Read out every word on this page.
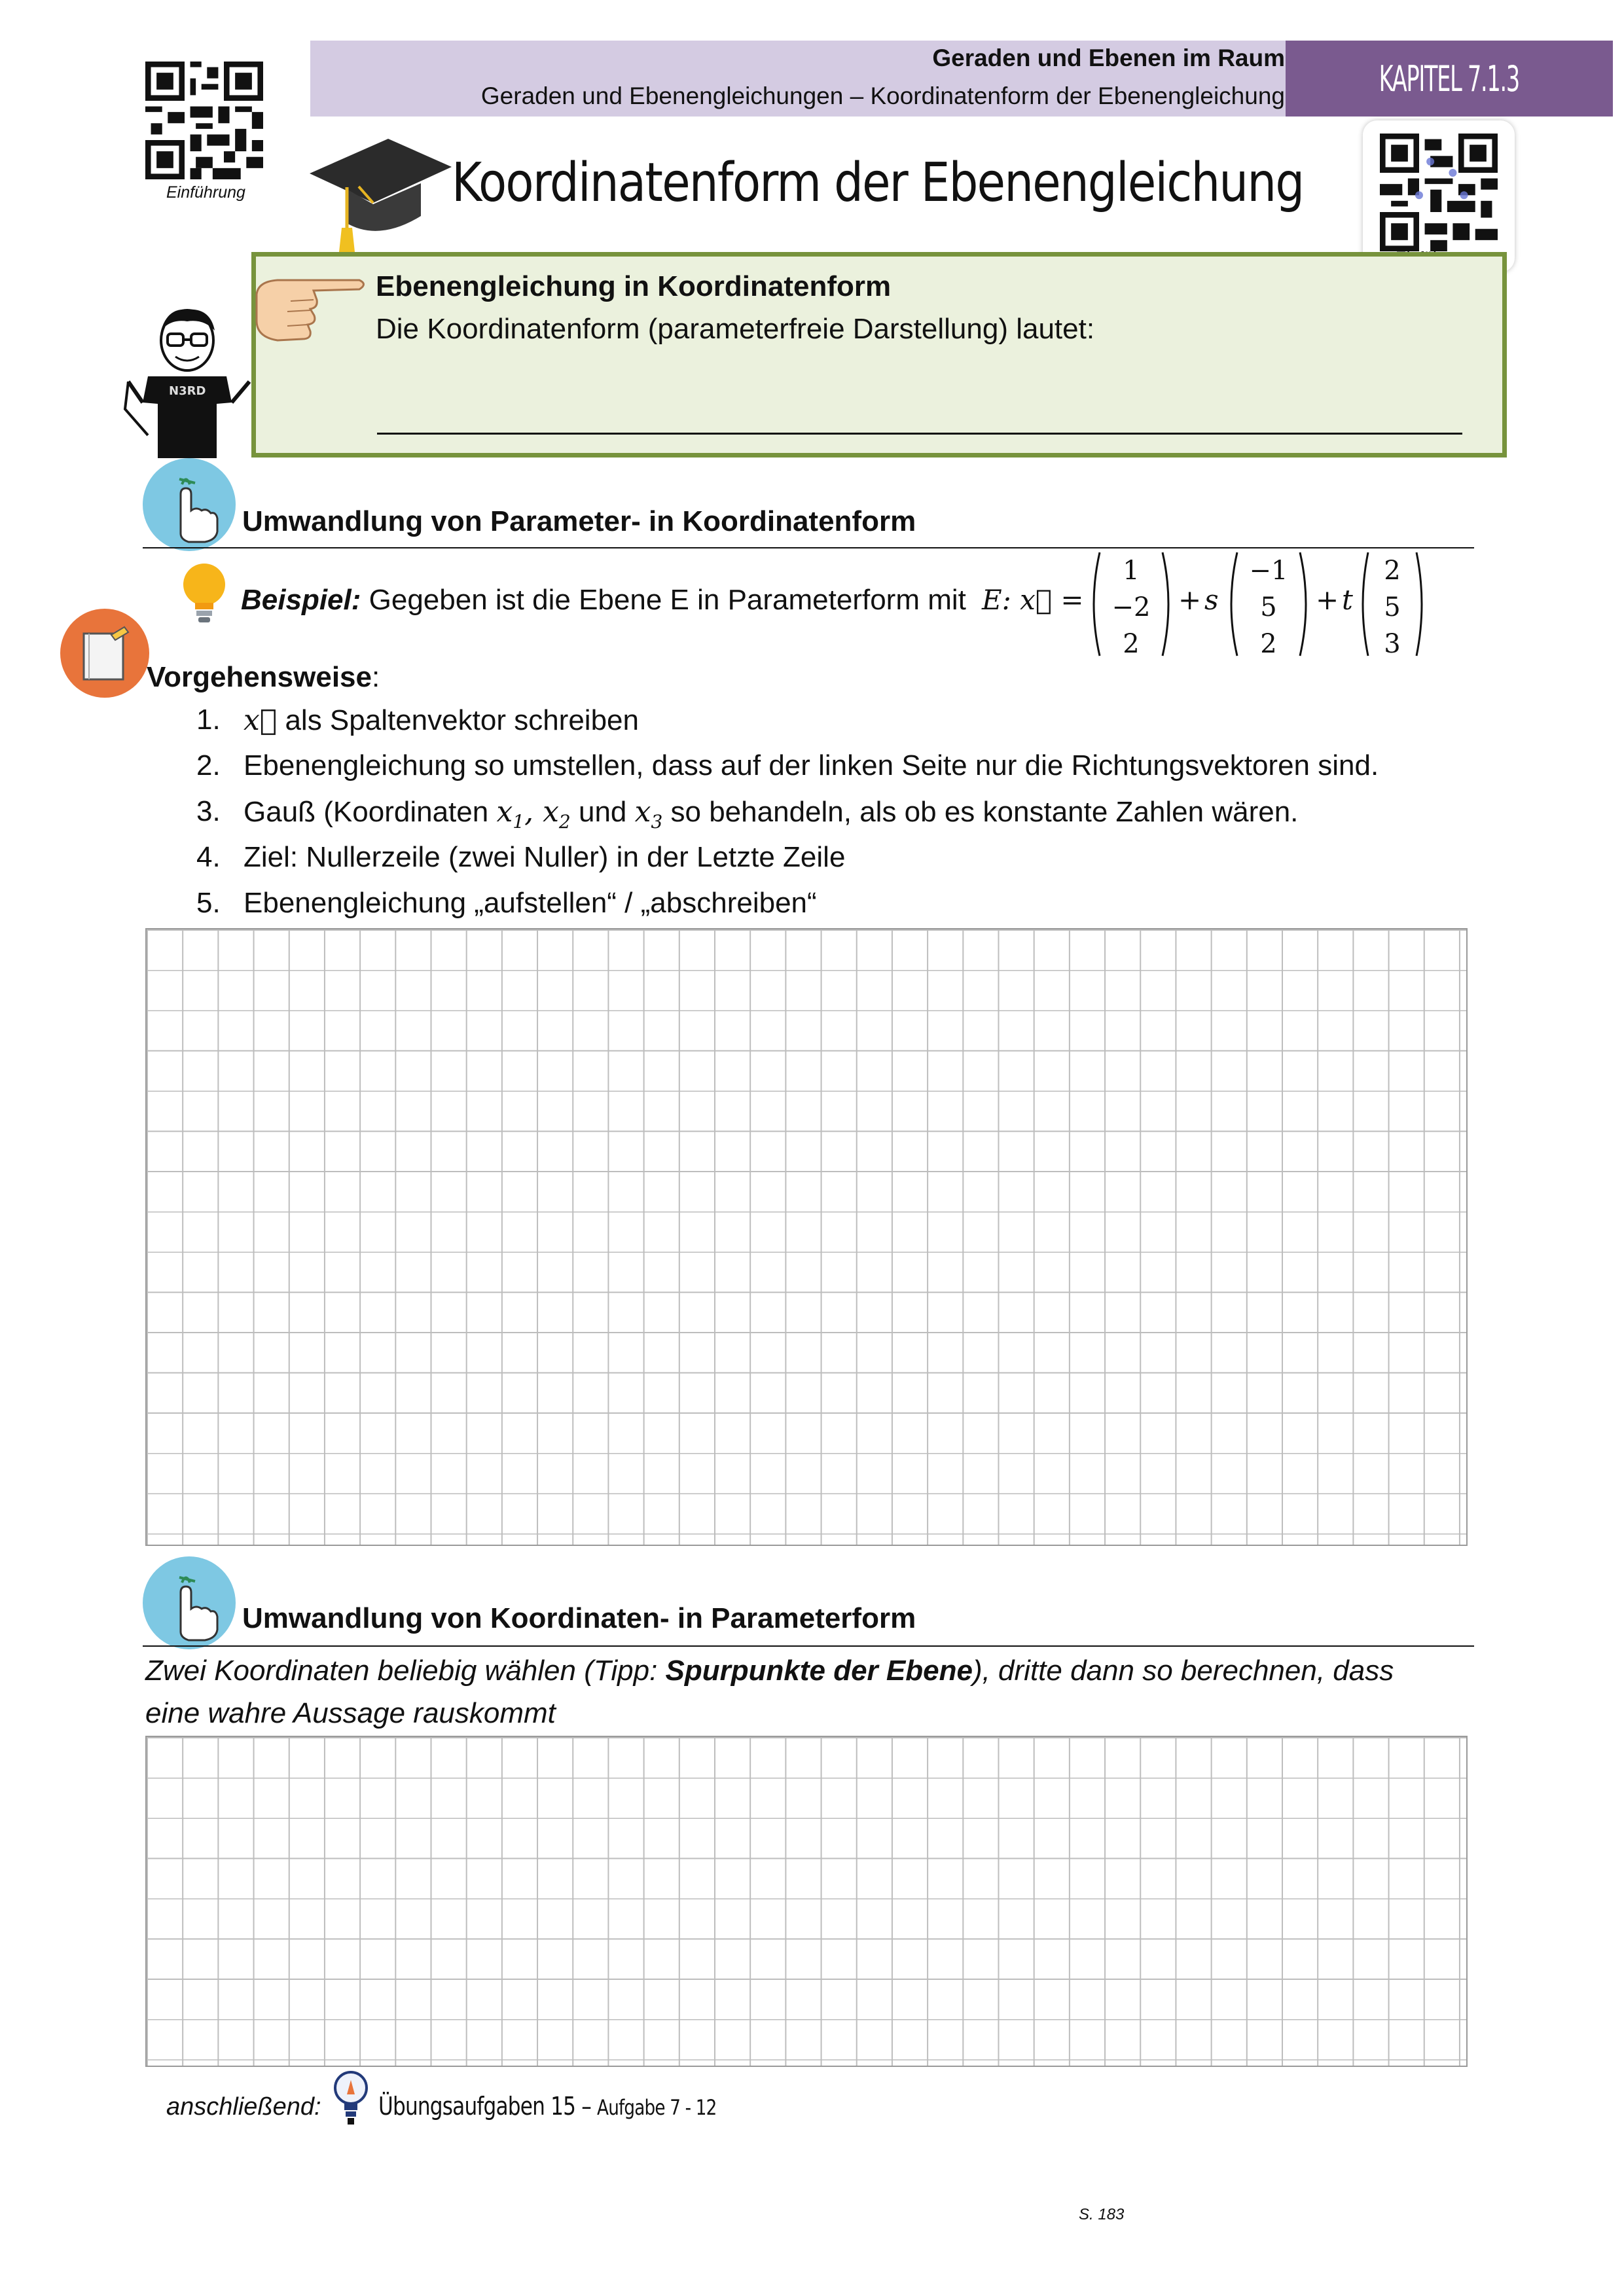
Geraden und Ebenen im Raum
Geraden und Ebenengleichungen – Koordinatenform der Ebenengleichung	KAPITEL 7.1.3
Einführung	Koordinatenform der Ebenengleichung
Ebenengleichung in Koordinatenform
Die Koordinatenform (parameterfreie Darstellung) lautet:
N3RD
Umwandlung von Parameter- in Koordinatenform
Beispiel: Gegeben ist die Ebene E in Parameterform mit E: x⃗ =
1
−2
2
+ s
−1
5
2
+ t
2
5
3
Vorgehensweise:
1. x⃗ als Spaltenvektor schreiben
2. Ebenengleichung so umstellen, dass auf der linken Seite nur die Richtungsvektoren sind.
3. Gauß (Koordinaten $x_1$, $x_2$ und $x_3$ so behandeln, als ob es konstante Zahlen wären.
4. Ziel: Nullerzeile (zwei Nuller) in der Letzte Zeile
5. Ebenengleichung „aufstellen“ / „abschreiben“
Umwandlung von Koordinaten- in Parameterform
Zwei Koordinaten beliebig wählen (Tipp: Spurpunkte der Ebene), dritte dann so berechnen, dass
eine wahre Aussage rauskommt
anschließend: Übungsaufgaben 15 – Aufgabe 7 - 12
S. 183
